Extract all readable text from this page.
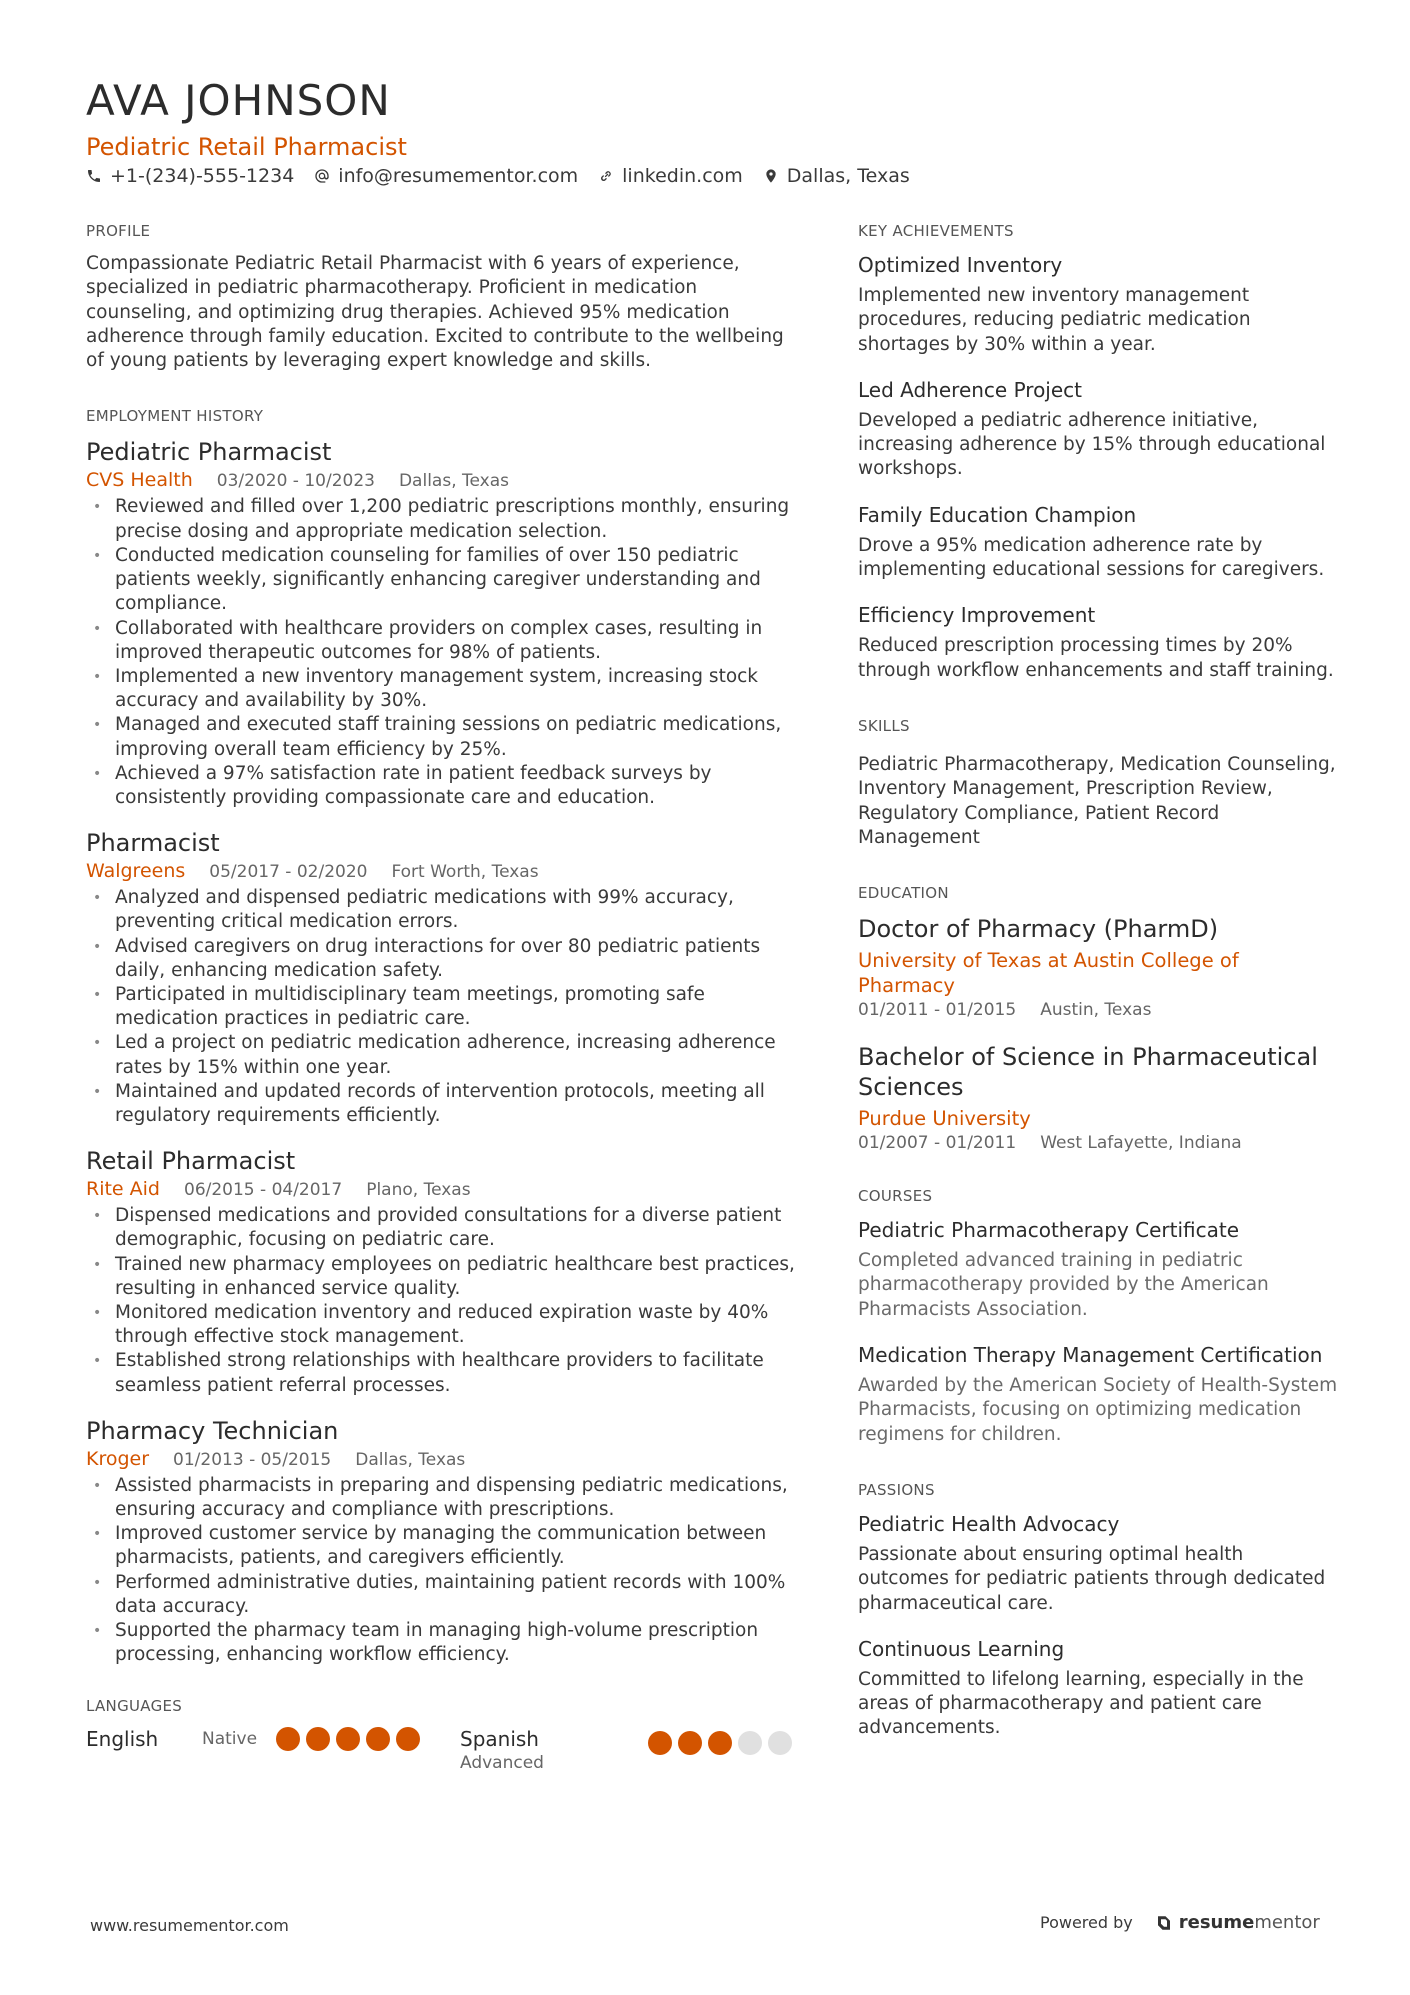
AVA JOHNSON
Pediatric Retail Pharmacist
+1-(234)-555-1234 info@resumementor.com linkedin.com Dallas, Texas
PROFILE
Compassionate Pediatric Retail Pharmacist with 6 years of experience, specialized in pediatric pharmacotherapy. Proficient in medication counseling, and optimizing drug therapies. Achieved 95% medication adherence through family education. Excited to contribute to the wellbeing of young patients by leveraging expert knowledge and skills.
EMPLOYMENT HISTORY
Pediatric Pharmacist
CVS Health 03/2020 - 10/2023 Dallas, Texas
• Reviewed and filled over 1,200 pediatric prescriptions monthly, ensuring precise dosing and appropriate medication selection.
• Conducted medication counseling for families of over 150 pediatric patients weekly, significantly enhancing caregiver understanding and compliance.
• Collaborated with healthcare providers on complex cases, resulting in improved therapeutic outcomes for 98% of patients.
• Implemented a new inventory management system, increasing stock accuracy and availability by 30%.
• Managed and executed staff training sessions on pediatric medications, improving overall team efficiency by 25%.
• Achieved a 97% satisfaction rate in patient feedback surveys by consistently providing compassionate care and education.
Pharmacist
Walgreens 05/2017 - 02/2020 Fort Worth, Texas
• Analyzed and dispensed pediatric medications with 99% accuracy, preventing critical medication errors.
• Advised caregivers on drug interactions for over 80 pediatric patients daily, enhancing medication safety.
• Participated in multidisciplinary team meetings, promoting safe medication practices in pediatric care.
• Led a project on pediatric medication adherence, increasing adherence rates by 15% within one year.
• Maintained and updated records of intervention protocols, meeting all regulatory requirements efficiently.
Retail Pharmacist
Rite Aid 06/2015 - 04/2017 Plano, Texas
• Dispensed medications and provided consultations for a diverse patient demographic, focusing on pediatric care.
• Trained new pharmacy employees on pediatric healthcare best practices, resulting in enhanced service quality.
• Monitored medication inventory and reduced expiration waste by 40% through effective stock management.
• Established strong relationships with healthcare providers to facilitate seamless patient referral processes.
Pharmacy Technician
Kroger 01/2013 - 05/2015 Dallas, Texas
• Assisted pharmacists in preparing and dispensing pediatric medications, ensuring accuracy and compliance with prescriptions.
• Improved customer service by managing the communication between pharmacists, patients, and caregivers efficiently.
• Performed administrative duties, maintaining patient records with 100% data accuracy.
• Supported the pharmacy team in managing high-volume prescription processing, enhancing workflow efficiency.
LANGUAGES
English	Native	Spanish
Advanced
KEY ACHIEVEMENTS
Optimized Inventory
Implemented new inventory management procedures, reducing pediatric medication shortages by 30% within a year.
Led Adherence Project
Developed a pediatric adherence initiative, increasing adherence by 15% through educational workshops.
Family Education Champion
Drove a 95% medication adherence rate by implementing educational sessions for caregivers.
Efficiency Improvement
Reduced prescription processing times by 20% through workflow enhancements and staff training.
SKILLS
Pediatric Pharmacotherapy, Medication Counseling, Inventory Management, Prescription Review, Regulatory Compliance, Patient Record Management
EDUCATION
Doctor of Pharmacy (PharmD)
University of Texas at Austin College of Pharmacy
01/2011 - 01/2015 Austin, Texas
Bachelor of Science in Pharmaceutical Sciences
Purdue University
01/2007 - 01/2011 West Lafayette, Indiana
COURSES
Pediatric Pharmacotherapy Certificate
Completed advanced training in pediatric pharmacotherapy provided by the American Pharmacists Association.
Medication Therapy Management Certification
Awarded by the American Society of Health-System Pharmacists, focusing on optimizing medication regimens for children.
PASSIONS
Pediatric Health Advocacy
Passionate about ensuring optimal health outcomes for pediatric patients through dedicated pharmaceutical care.
Continuous Learning
Committed to lifelong learning, especially in the areas of pharmacotherapy and patient care advancements.
www.resumementor.com	Powered by	resumementor
